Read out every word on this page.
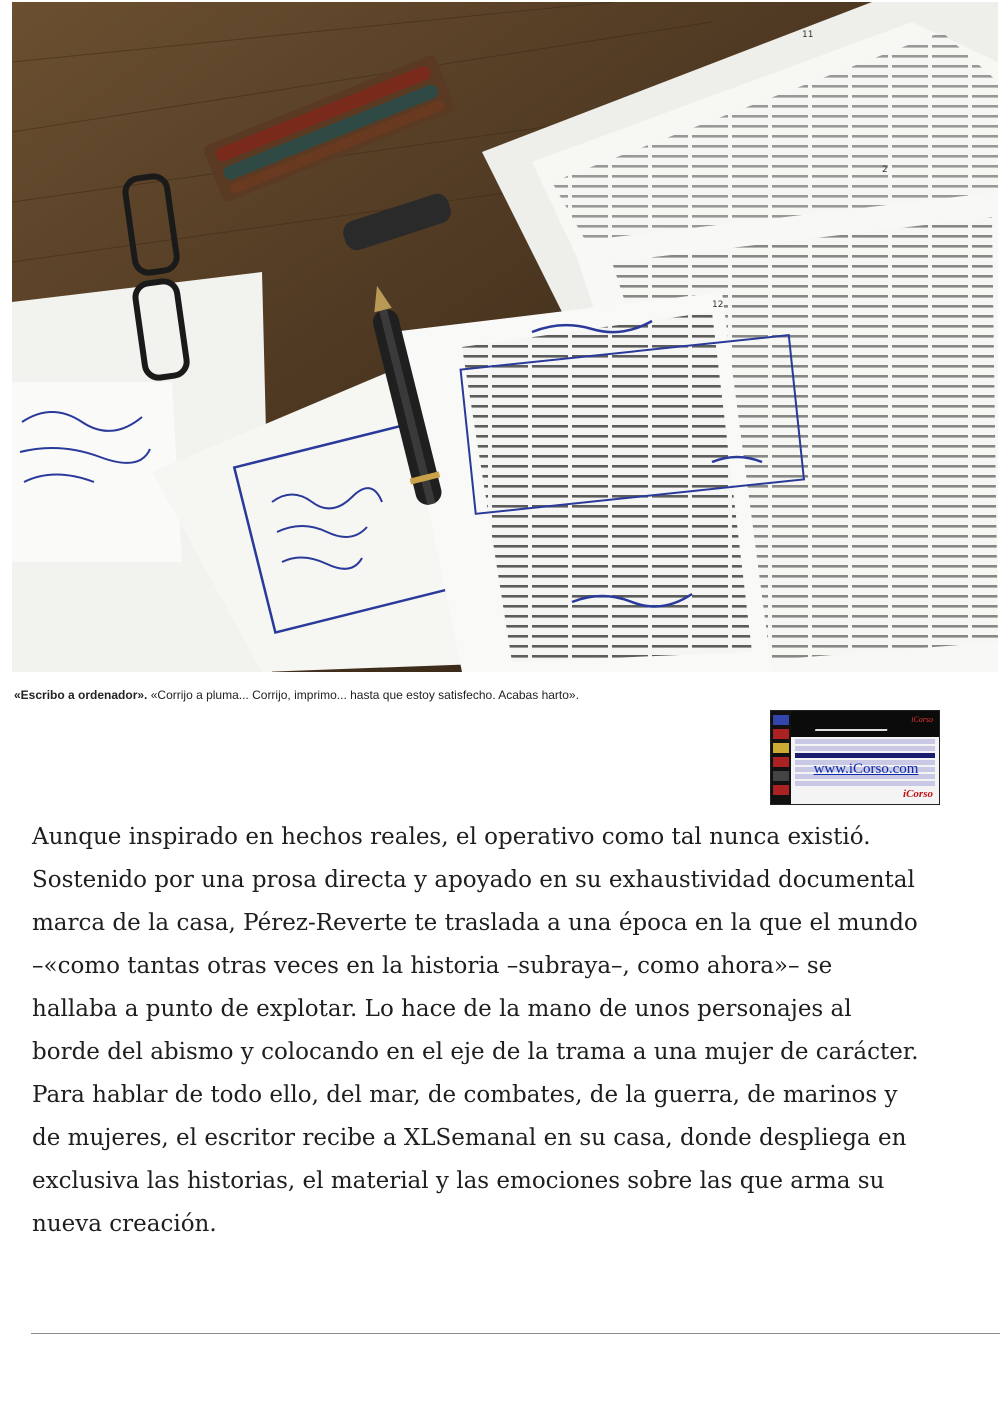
12
2
11
«Escribo a ordenador». «Corrijo a pluma... Corrijo, imprimo... hasta que estoy satisfecho. Acabas harto».
iCorso
www.iCorso.com
iCorso
Aunque inspirado en hechos reales, el operativo como tal nunca existió.
Sostenido por una prosa directa y apoyado en su exhaustividad documental
marca de la casa, Pérez-Reverte te traslada a una época en la que el mundo
–«como tantas otras veces en la historia –subraya–, como ahora»– se
hallaba a punto de explotar. Lo hace de la mano de unos personajes al
borde del abismo y colocando en el eje de la trama a una mujer de carácter.
Para hablar de todo ello, del mar, de combates, de la guerra, de marinos y
de mujeres, el escritor recibe a XLSemanal en su casa, donde despliega en
exclusiva las historias, el material y las emociones sobre las que arma su
nueva creación.
